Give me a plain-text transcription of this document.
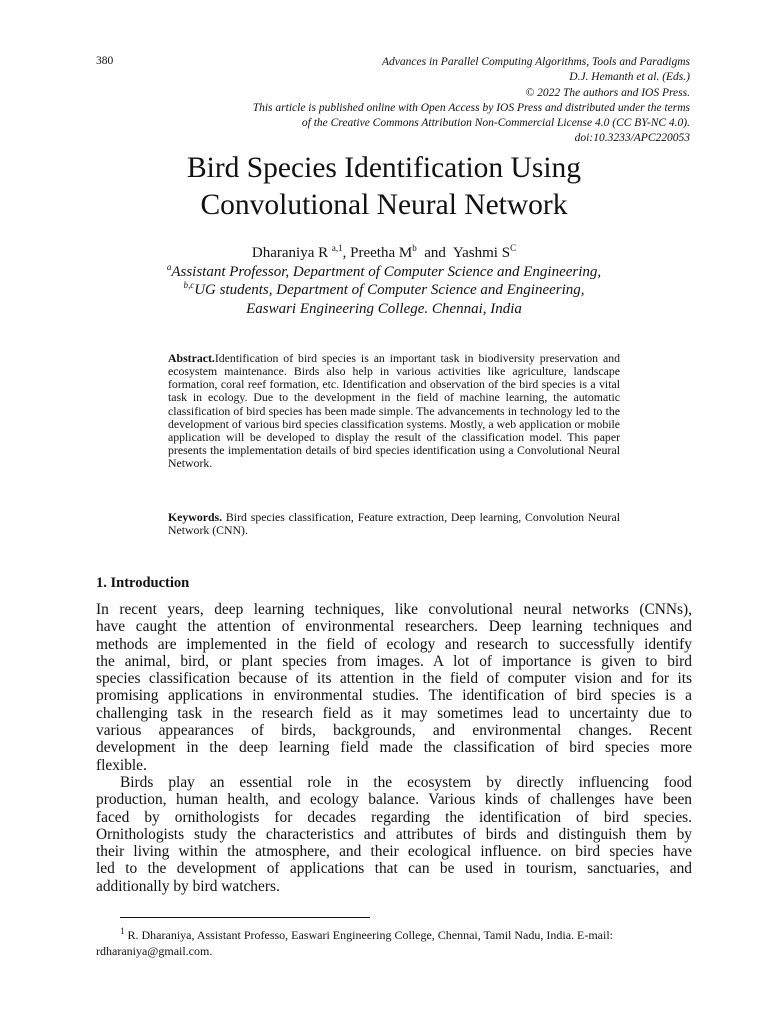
380	Advances in Parallel Computing Algorithms, Tools and Paradigms
D.J. Hemanth et al. (Eds.)
© 2022 The authors and IOS Press.
This article is published online with Open Access by IOS Press and distributed under the terms
of the Creative Commons Attribution Non-Commercial License 4.0 (CC BY-NC 4.0).
doi:10.3233/APC220053
Bird Species Identification Using
Convolutional Neural Network
Dharaniya R $^{a,1}$, Preetha $M^b$  and  Yashmi $S^C$
$^a$Assistant Professor, Department of Computer Science and Engineering,
$^{b,c}$UG students, Department of Computer Science and Engineering,
Easwari Engineering College. Chennai, India
Abstract.Identification of bird species is an important task in biodiversity preservation and ecosystem maintenance. Birds also help in various activities like agriculture, landscape formation, coral reef formation, etc. Identification and observation of the bird species is a vital task in ecology. Due to the development in the field of machine learning, the automatic classification of bird species has been made simple. The advancements in technology led to the development of various bird species classification systems. Mostly, a web application or mobile application will be developed to display the result of the classification model. This paper presents the implementation details of bird species identification using a Convolutional Neural Network.
Keywords. Bird species classification, Feature extraction, Deep learning, Convolution Neural Network (CNN).
1. Introduction
In recent years, deep learning techniques, like convolutional neural networks (CNNs),
have caught the attention of environmental researchers. Deep learning techniques and
methods are implemented in the field of ecology and research to successfully identify
the animal, bird, or plant species from images. A lot of importance is given to bird
species classification because of its attention in the field of computer vision and for its
promising applications in environmental studies. The identification of bird species is a
challenging task in the research field as it may sometimes lead to uncertainty due to
various appearances of birds, backgrounds, and environmental changes. Recent
development in the deep learning field made the classification of bird species more
flexible.
Birds play an essential role in the ecosystem by directly influencing food
production, human health, and ecology balance. Various kinds of challenges have been
faced by ornithologists for decades regarding the identification of bird species.
Ornithologists study the characteristics and attributes of birds and distinguish them by
their living within the atmosphere, and their ecological influence. on bird species have
led to the development of applications that can be used in tourism, sanctuaries, and
additionally by bird watchers.
$^1$ R. Dharaniya, Assistant Professo, Easwari Engineering College, Chennai, Tamil Nadu, India. E-mail:
rdharaniya@gmail.com.
